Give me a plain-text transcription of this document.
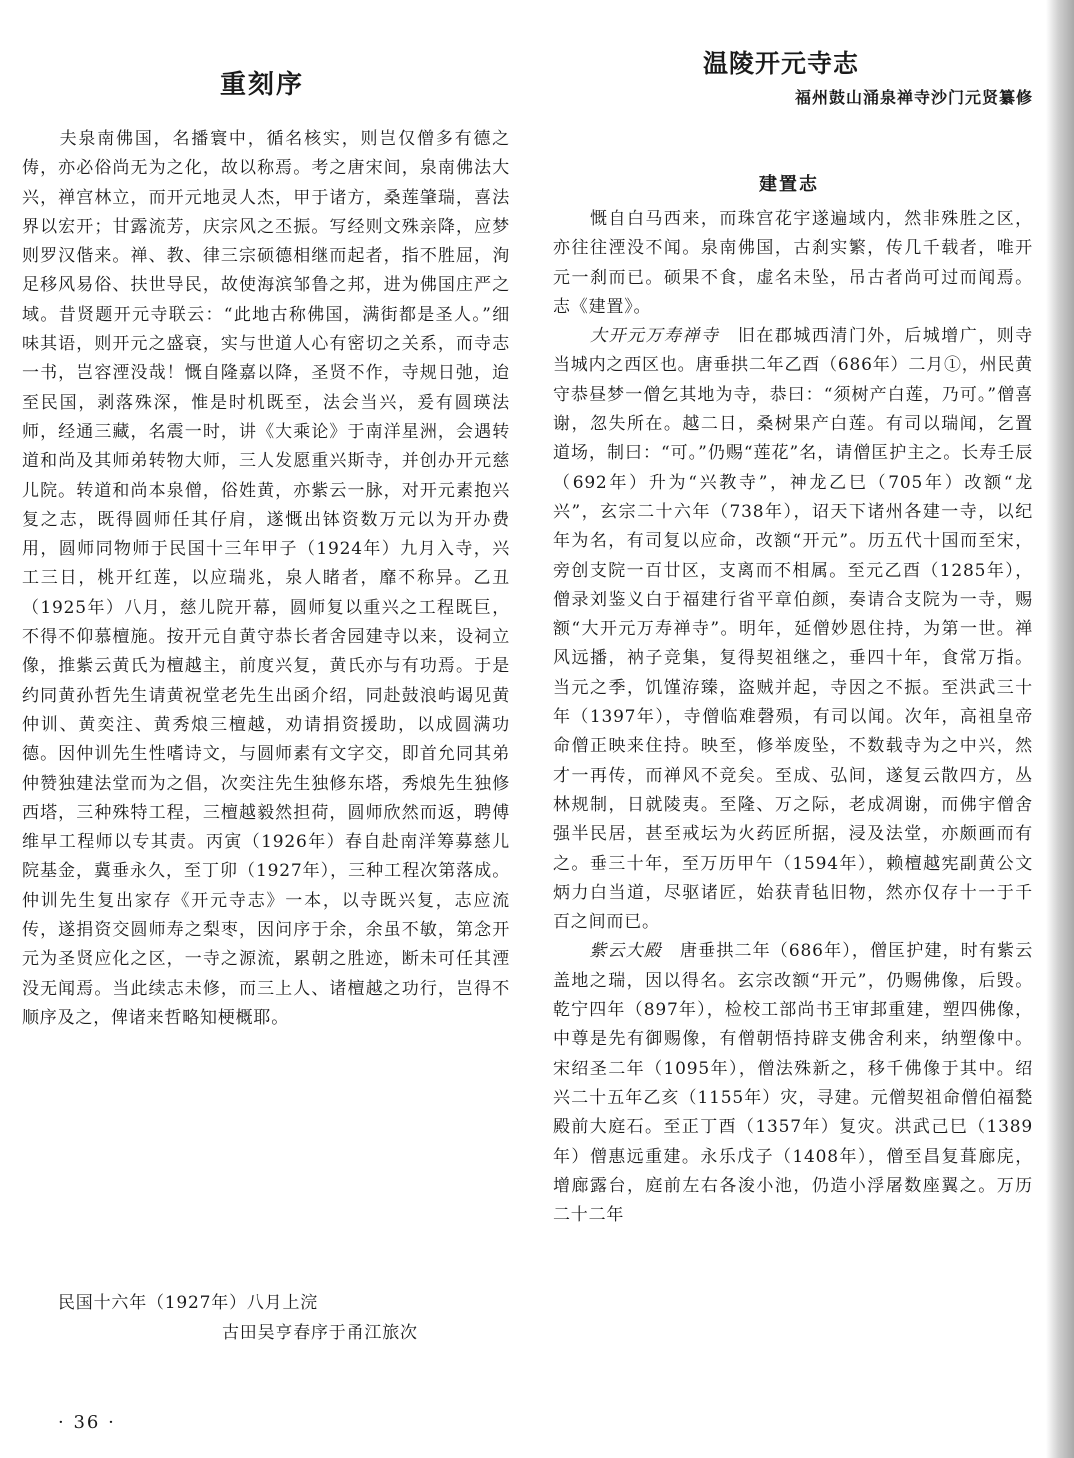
重刻序
　　夫泉南佛国，名播寰中，循名核实，则岂仅僧多有德之俦，亦必俗尚无为之化，故以称焉。考之唐宋间，泉南佛法大兴，禅宫林立，而开元地灵人杰，甲于诸方，桑莲肇瑞，喜法界以宏开；甘露流芳，庆宗风之丕振。写经则文殊亲降，应梦则罗汉偕来。禅、教、律三宗硕德相继而起者，指不胜屈，洵足移风易俗、扶世导民，故使海滨邹鲁之邦，进为佛国庄严之域。昔贤题开元寺联云：“此地古称佛国，满街都是圣人。”细味其语，则开元之盛衰，实与世道人心有密切之关系，而寺志一书，岂容湮没哉！慨自隆嘉以降，圣贤不作，寺规日弛，迨至民国，剥落殊深，惟是时机既至，法会当兴，爰有圆瑛法师，经通三藏，名震一时，讲《大乘论》于南洋星洲，会遇转道和尚及其师弟转物大师，三人发愿重兴斯寺，并创办开元慈儿院。转道和尚本泉僧，俗姓黄，亦紫云一脉，对开元素抱兴复之志，既得圆师任其仔肩，遂慨出钵资数万元以为开办费用，圆师同物师于民国十三年甲子（1924年）九月入寺，兴工三日，桃开红莲，以应瑞兆，泉人睹者，靡不称异。乙丑（1925年）八月，慈儿院开幕，圆师复以重兴之工程既巨，不得不仰慕檀施。按开元自黄守恭长者舍园建寺以来，设祠立像，推紫云黄氏为檀越主，前度兴复，黄氏亦与有功焉。于是约同黄孙哲先生请黄祝堂老先生出函介绍，同赴鼓浪屿谒见黄仲训、黄奕注、黄秀烺三檀越，劝请捐资援助，以成圆满功德。因仲训先生性嗜诗文，与圆师素有文字交，即首允同其弟仲赞独建法堂而为之倡，次奕注先生独修东塔，秀烺先生独修西塔，三种殊特工程，三檀越毅然担荷，圆师欣然而返，聘傅维早工程师以专其责。丙寅（1926年）春自赴南洋筹募慈儿院基金，冀垂永久，至丁卯（1927年），三种工程次第落成。仲训先生复出家存《开元寺志》一本，以寺既兴复，志应流传，遂捐资交圆师寿之梨枣，因问序于余，余虽不敏，第念开元为圣贤应化之区，一寺之源流，累朝之胜迹，断未可任其湮没无闻焉。当此续志未修，而三上人、诸檀越之功行，岂得不顺序及之，俾诸来哲略知梗概耶。
民国十六年（1927年）八月上浣
古田吴亨春序于甬江旅次
· 36 ·
温陵开元寺志
福州鼓山涌泉禅寺沙门元贤纂修
建置志
　　慨自白马西来，而珠宫花宇遂遍域内，然非殊胜之区，亦往往湮没不闻。泉南佛国，古刹实繁，传几千载者，唯开元一刹而已。硕果不食，虚名未坠，吊古者尚可过而闻焉。志《建置》。
　　大开元万寿禅寺　旧在郡城西清门外，后城增广，则寺当城内之西区也。唐垂拱二年乙酉（686年）二月①，州民黄守恭昼梦一僧乞其地为寺，恭曰：“须树产白莲，乃可。”僧喜谢，忽失所在。越二日，桑树果产白莲。有司以瑞闻，乞置道场，制曰：“可。”仍赐“莲花”名，请僧匡护主之。长寿壬辰（692年）升为“兴教寺”，神龙乙巳（705年）改额“龙兴”，玄宗二十六年（738年），诏天下诸州各建一寺，以纪年为名，有司复以应命，改额“开元”。历五代十国而至宋，旁创支院一百廿区，支离而不相属。至元乙酉（1285年），僧录刘鉴义白于福建行省平章伯颜，奏请合支院为一寺，赐额“大开元万寿禅寺”。明年，延僧妙恩住持，为第一世。禅风远播，衲子竞集，复得契祖继之，垂四十年，食常万指。当元之季，饥馑洊臻，盗贼并起，寺因之不振。至洪武三十年（1397年），寺僧临难磬殒，有司以闻。次年，高祖皇帝命僧正映来住持。映至，修举废坠，不数载寺为之中兴，然才一再传，而禅风不竞矣。至成、弘间，遂复云散四方，丛林规制，日就陵夷。至隆、万之际，老成凋谢，而佛宇僧舍强半民居，甚至戒坛为火药匠所据，浸及法堂，亦颇画而有之。垂三十年，至万历甲午（1594年），赖檀越宪副黄公文炳力白当道，尽驱诸匠，始获青毡旧物，然亦仅存十一于千百之间而已。
　　紫云大殿　唐垂拱二年（686年），僧匡护建，时有紫云盖地之瑞，因以得名。玄宗改额“开元”，仍赐佛像，后毁。乾宁四年（897年），检校工部尚书王审邽重建，塑四佛像，中尊是先有御赐像，有僧朝悟持辟支佛舍利来，纳塑像中。宋绍圣二年（1095年），僧法殊新之，移千佛像于其中。绍兴二十五年乙亥（1155年）灾，寻建。元僧契祖命僧伯福甃殿前大庭石。至正丁酉（1357年）复灾。洪武己巳（1389年）僧惠远重建。永乐戊子（1408年），僧至昌复葺廊庑，增廊露台，庭前左右各浚小池，仍造小浮屠数座翼之。万历二十二年
